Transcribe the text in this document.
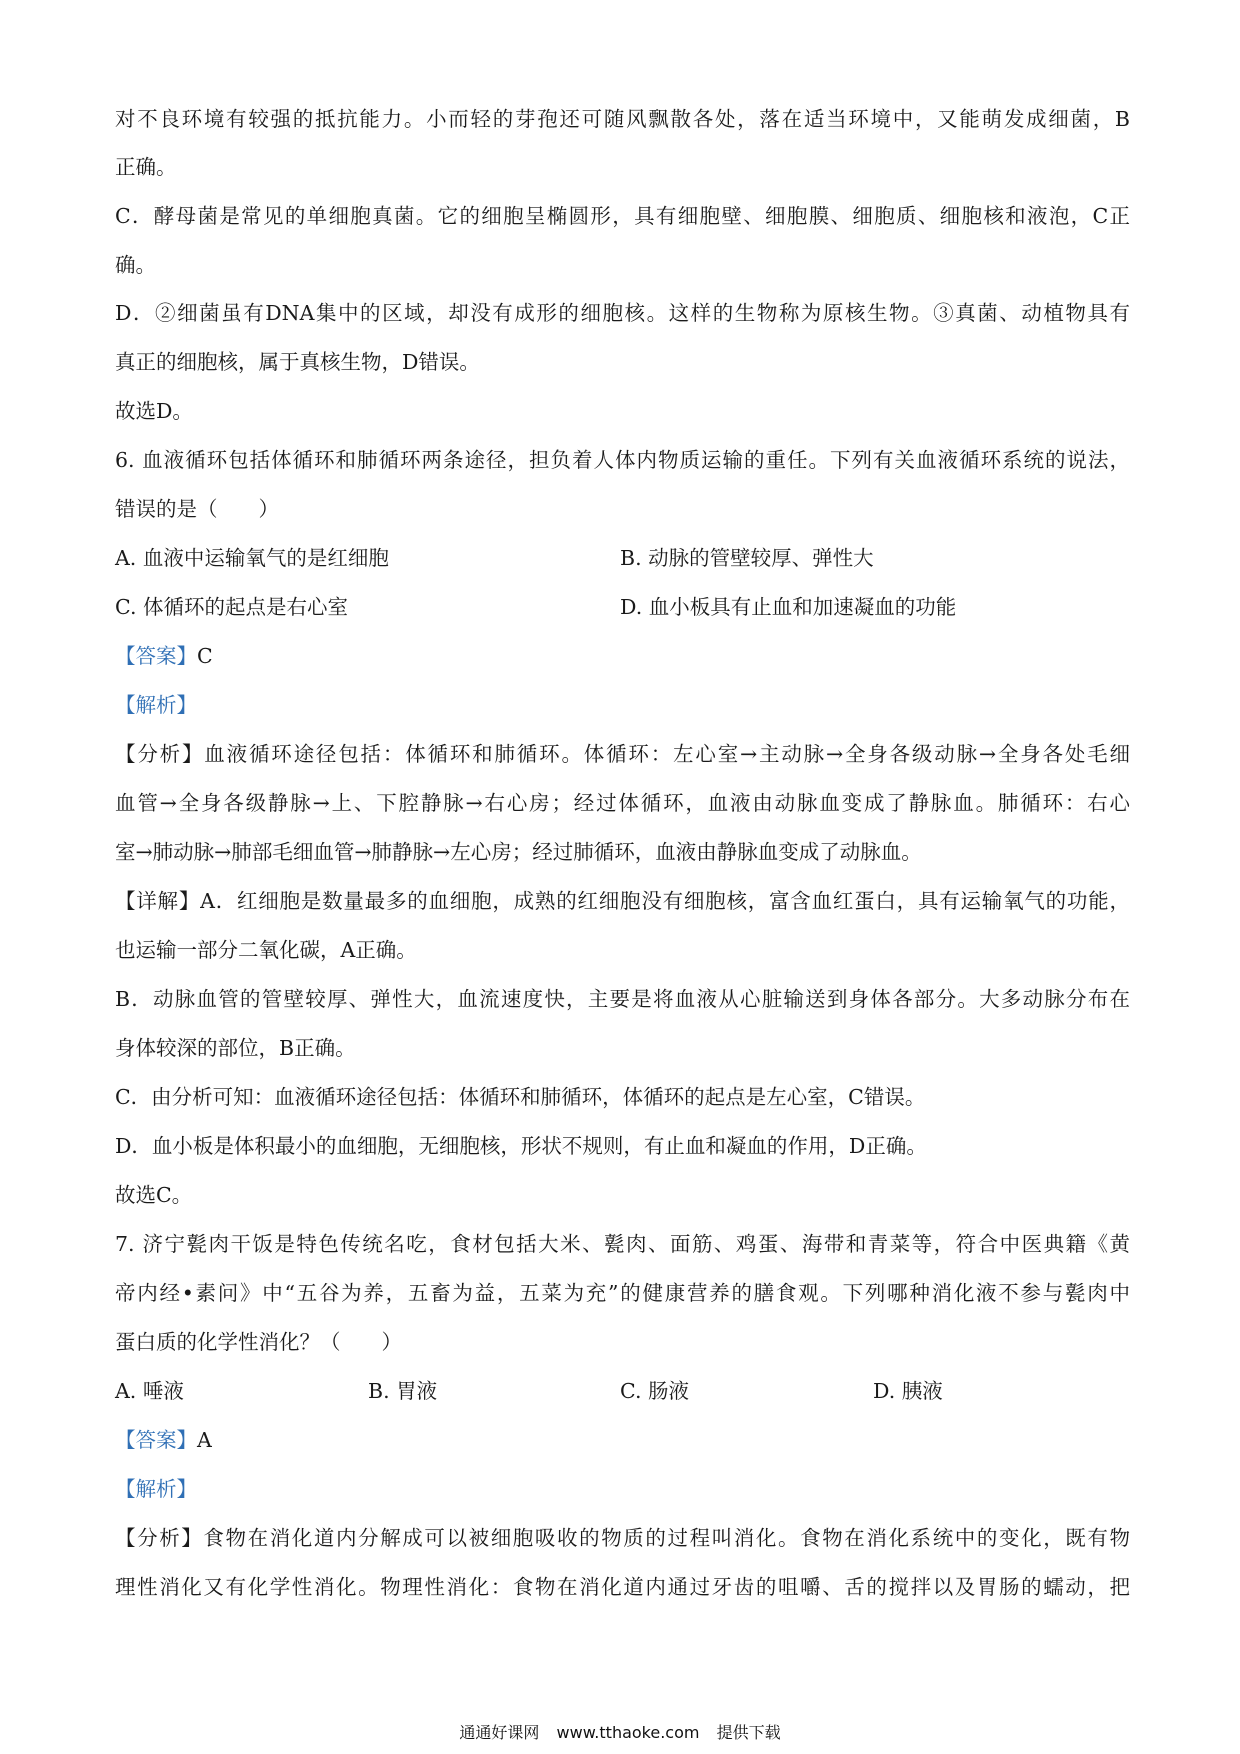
对不良环境有较强的抵抗能力。小而轻的芽孢还可随风飘散各处，落在适当环境中，又能萌发成细菌，B
正确。
C．酵母菌是常见的单细胞真菌。它的细胞呈椭圆形，具有细胞壁、细胞膜、细胞质、细胞核和液泡，C正
确。
D．②细菌虽有DNA集中的区域，却没有成形的细胞核。这样的生物称为原核生物。③真菌、动植物具有
真正的细胞核，属于真核生物，D错误。
故选D。
6. 血液循环包括体循环和肺循环两条途径，担负着人体内物质运输的重任。下列有关血液循环系统的说法，
错误的是（　　）
A. 血液中运输氧气的是红细胞	B. 动脉的管壁较厚、弹性大
C. 体循环的起点是右心室	D. 血小板具有止血和加速凝血的功能
【答案】C
【解析】
【分析】血液循环途径包括：体循环和肺循环。体循环：左心室→主动脉→全身各级动脉→全身各处毛细
血管→全身各级静脉→上、下腔静脉→右心房；经过体循环，血液由动脉血变成了静脉血。肺循环：右心
室→肺动脉→肺部毛细血管→肺静脉→左心房；经过肺循环，血液由静脉血变成了动脉血。
【详解】A．红细胞是数量最多的血细胞，成熟的红细胞没有细胞核，富含血红蛋白，具有运输氧气的功能，
也运输一部分二氧化碳，A正确。
B．动脉血管的管壁较厚、弹性大，血流速度快，主要是将血液从心脏输送到身体各部分。大多动脉分布在
身体较深的部位，B正确。
C．由分析可知：血液循环途径包括：体循环和肺循环，体循环的起点是左心室，C错误。
D．血小板是体积最小的血细胞，无细胞核，形状不规则，有止血和凝血的作用，D正确。
故选C。
7. 济宁甏肉干饭是特色传统名吃，食材包括大米、甏肉、面筋、鸡蛋、海带和青菜等，符合中医典籍《黄
帝内经•素问》中“五谷为养，五畜为益，五菜为充”的健康营养的膳食观。下列哪种消化液不参与甏肉中
蛋白质的化学性消化？（　　）
A. 唾液	B. 胃液	C. 肠液	D. 胰液
【答案】A
【解析】
【分析】食物在消化道内分解成可以被细胞吸收的物质的过程叫消化。食物在消化系统中的变化，既有物
理性消化又有化学性消化。物理性消化：食物在消化道内通过牙齿的咀嚼、舌的搅拌以及胃肠的蠕动，把
通通好课网 www.tthaoke.com 提供下载
